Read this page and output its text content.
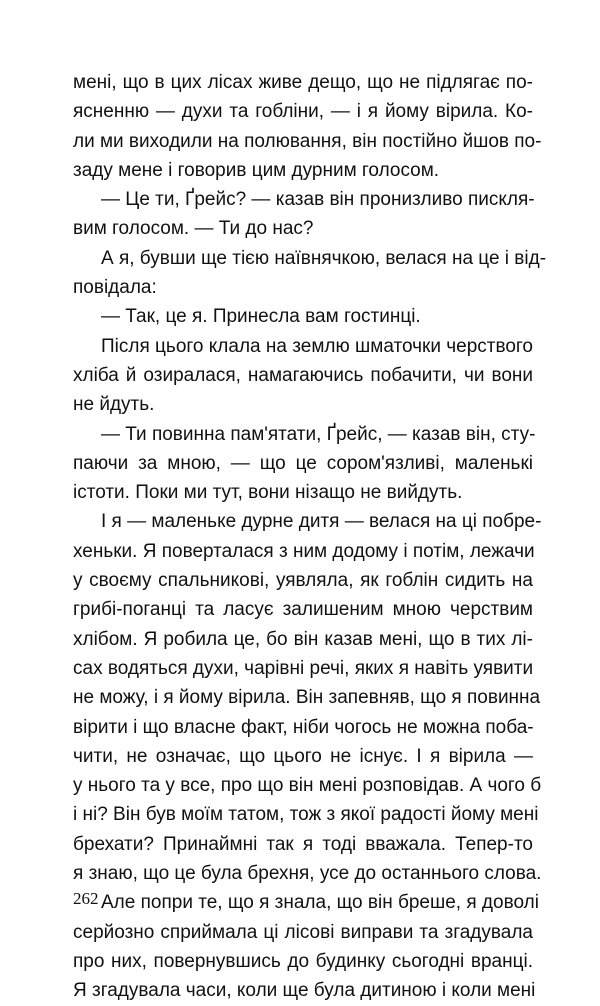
мені, що в цих лісах живе дещо, що не підлягає по-
ясненню — духи та гобліни, — і я йому вірила. Ко-
ли ми виходили на полювання, він постійно йшов по-
заду мене і говорив цим дурним голосом.
— Це ти, Ґрейс? — казав він пронизливо пискля-
вим голосом. — Ти до нас?
А я, бувши ще тією наївнячкою, велася на це і від-
повідала:
— Так, це я. Принесла вам гостинці.
Після цього клала на землю шматочки черствого
хліба й озиралася, намагаючись побачити, чи вони
не йдуть.
— Ти повинна пам'ятати, Ґрейс, — казав він, сту-
паючи за мною, — що це сором'язливі, маленькі
істоти. Поки ми тут, вони нізащо не вийдуть.
І я — маленьке дурне дитя — велася на ці побре-
хеньки. Я поверталася з ним додому і потім, лежачи
у своєму спальникові, уявляла, як гоблін сидить на
грибі-поганці та ласує залишеним мною черствим
хлібом. Я робила це, бо він казав мені, що в тих лі-
сах водяться духи, чарівні речі, яких я навіть уявити
не можу, і я йому вірила. Він запевняв, що я повинна
вірити і що власне факт, ніби чогось не можна поба-
чити, не означає, що цього не існує. І я вірила —
у нього та у все, про що він мені розповідав. А чого б
і ні? Він був моїм татом, тож з якої радості йому мені
брехати? Принаймні так я тоді вважала. Тепер-то
я знаю, що це була брехня, усе до останнього слова.
Але попри те, що я знала, що він бреше, я доволі
серйозно сприймала ці лісові виправи та згадувала
про них, повернувшись до будинку сьогодні вранці.
Я згадувала часи, коли ще була дитиною і коли мені
262
